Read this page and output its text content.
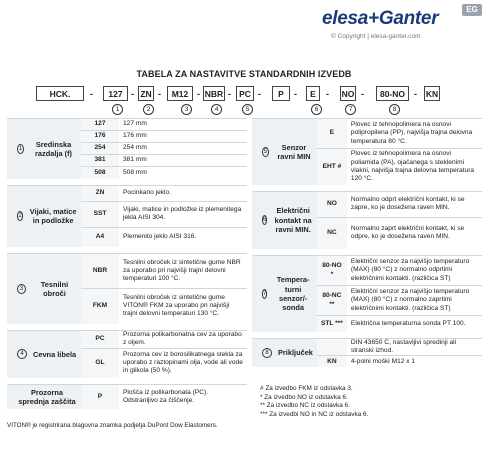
elesa+Ganter	EG
© Copyright | elesa-ganter.com
TABELA ZA NASTAVITVE STANDARDNIH IZVEDB
HCK.	127	ZN	M12	NBR	PC	P	E	NO	80-NO	KN
-	-	-	-	-	-	-	-	-	-
1	2	3	4	5	6	7	8
1
Sredinska razdalja (f)	127	127 mm
	176	176 mm
	254	254 mm
	381	381 mm
	508	508 mm

2
Vijaki, matice in podložke	ZN	Pocinkano jeklo.
	SST	Vijaki, matice in podložke iz plemenitega jekla AISI 304.
	A4	Plemenito jeklo AISI 316.

3
Tesnilni obroči	NBR	Tesnilni obroček iz sintetične gume NBR za uporabo pri najvišji trajni delovni temperaturi 100 °C.
	FKM	Tesnilni obroček iz sintetične gume VITON® FKM za uporabo pri najvišji trajni delovni temperaturi 130 °C.

4 Cevna libela	PC	Prozorna polikarbonatna cev za uporabo z oljem.
	GL	Prozorna cev iz borosilikatnega stekla za uporabo z raztopinami olja, vode ali vode in glikola (50 %).

Prozorna sprednja zaščita	P	Plošča iz polikarbonata (PC). Odstranljivo za čiščenje.
5
Senzor ravni MIN	E	Plovec iz tehnopolimera na osnovi polipropilena (PP), najvišja trajna delovna temperatura 80 °C.
	EHT #	Plovec iz tehnopolimera na osnovi poliamida (PA), ojačanega s steklenimi vlakni, najvišja trajna delovna temperatura 120 °C.

6
Električni kontakt na ravni MIN.	NO	Normalno odprt električni kontakt, ki se zapre, ko je dosežena raven MIN.
	NC	Normalno zaprt električni kontakt, ki se odpre, ko je dosežena raven MIN.

7
Tempera-turni senzor/-sonda	80-NO *	Električni senzor za najvišjo temperaturo (MAX) (80 °C) z normalno odprtimi električnimi kontakti. (različica ST)
	80-NC **	Električni senzor za najvišjo temperaturo (MAX) (80 °C) z normalno zaprtimi električnimi kontakti. (različica ST)
	STL ***	Električna temperaturna sonda PT 100.

8 Priključek		DIN 43650 C, nastavljivi spredinji ali stranski izhod.
	KN	4-polni moški M12 x 1
# Za izvedbo FKM iz odstavka 3.
* Za izvedbo NO iz odstavka 6.
** Za izvedbo NC iz odstavka 6.
*** Za izvedbi NO in NC iz odstavka 6.
VITON® je registrirana blagovna znamka podjetja DuPont Dow Elastomers.
